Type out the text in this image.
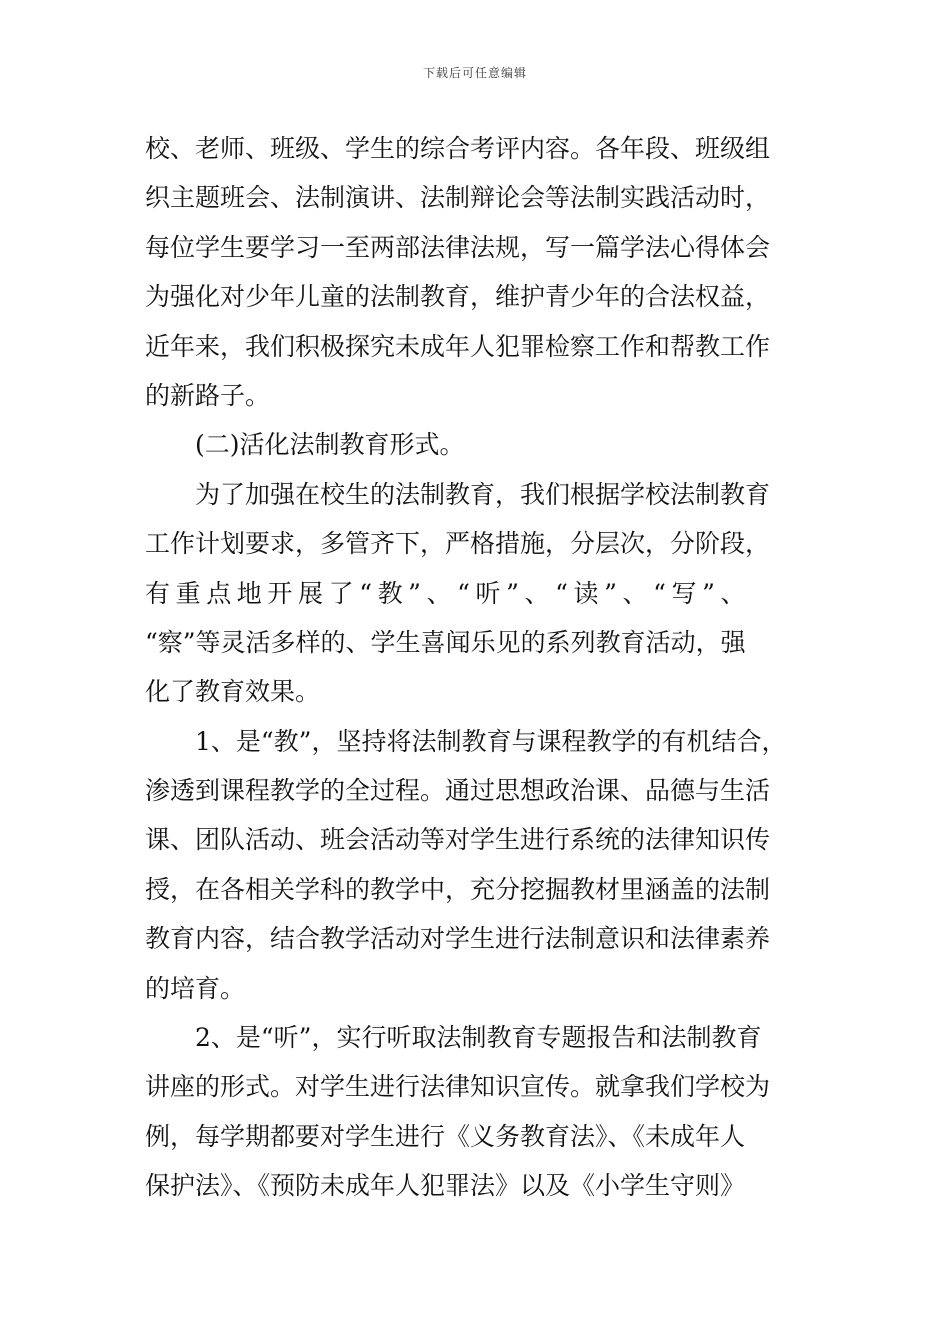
下载后可任意编辑
校、老师、班级、学生的综合考评内容。各年段、班级组
织主题班会、法制演讲、法制辩论会等法制实践活动时，
每位学生要学习一至两部法律法规，写一篇学法心得体会
为强化对少年儿童的法制教育，维护青少年的合法权益，
近年来，我们积极探究未成年人犯罪检察工作和帮教工作
的新路子。
(二)活化法制教育形式。
为了加强在校生的法制教育，我们根据学校法制教育
工作计划要求，多管齐下，严格措施，分层次，分阶段，
有重点地开展了“教”、“听”、“读”、“写”、
“察”等灵活多样的、学生喜闻乐见的系列教育活动，强
化了教育效果。
1、是“教”，坚持将法制教育与课程教学的有机结合，
渗透到课程教学的全过程。通过思想政治课、品德与生活
课、团队活动、班会活动等对学生进行系统的法律知识传
授，在各相关学科的教学中，充分挖掘教材里涵盖的法制
教育内容，结合教学活动对学生进行法制意识和法律素养
的培育。
2、是“听”，实行听取法制教育专题报告和法制教育
讲座的形式。对学生进行法律知识宣传。就拿我们学校为
例，每学期都要对学生进行《义务教育法》、《未成年人
保护法》、《预防未成年人犯罪法》以及《小学生守则》
